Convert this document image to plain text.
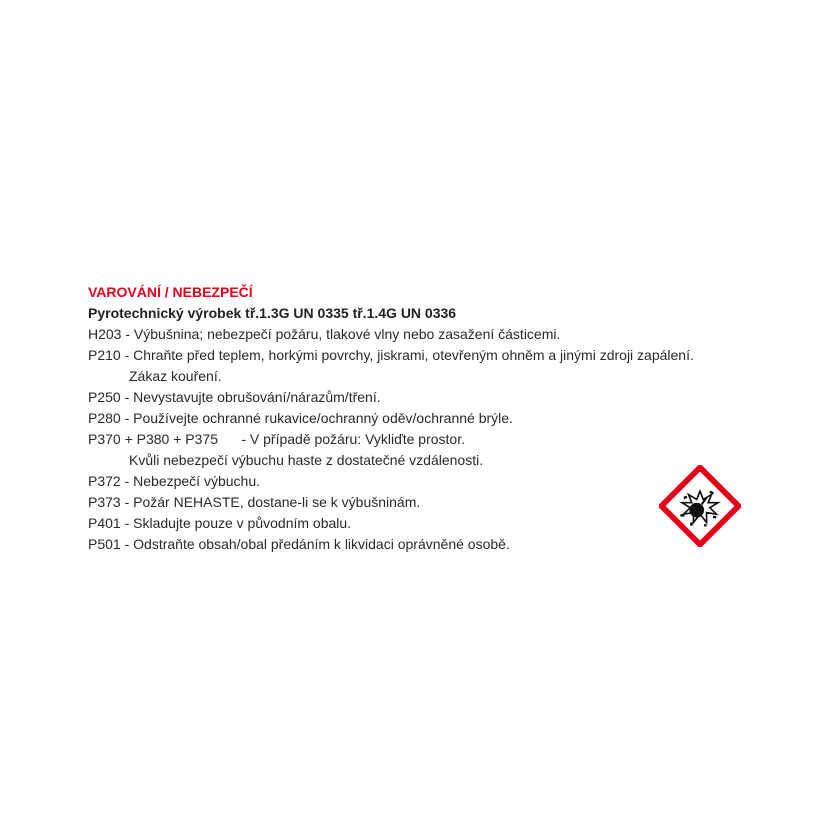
VAROVÁNÍ / NEBEZPEČÍ
Pyrotechnický výrobek tř.1.3G UN 0335 tř.1.4G UN 0336
H203 - Výbušnina; nebezpečí požáru, tlakové vlny nebo zasažení částicemi.
P210 - Chraňte před teplem, horkými povrchy, jiskrami, otevřeným ohněm a jinými zdroji zapálení.
Zákaz kouření.
P250 - Nevystavujte obrušování/nárazům/tření.
P280 - Používejte ochranné rukavice/ochranný oděv/ochranné brýle.
P370 + P380 + P375      - V případě požáru: Vykliďte prostor.
Kvůli nebezpečí výbuchu haste z dostatečné vzdálenosti.
P372 - Nebezpečí výbuchu.
P373 - Požár NEHASTE, dostane-li se k výbušninám.
P401 - Skladujte pouze v původním obalu.
P501 - Odstraňte obsah/obal předáním k likvidaci oprávněné osobě.
